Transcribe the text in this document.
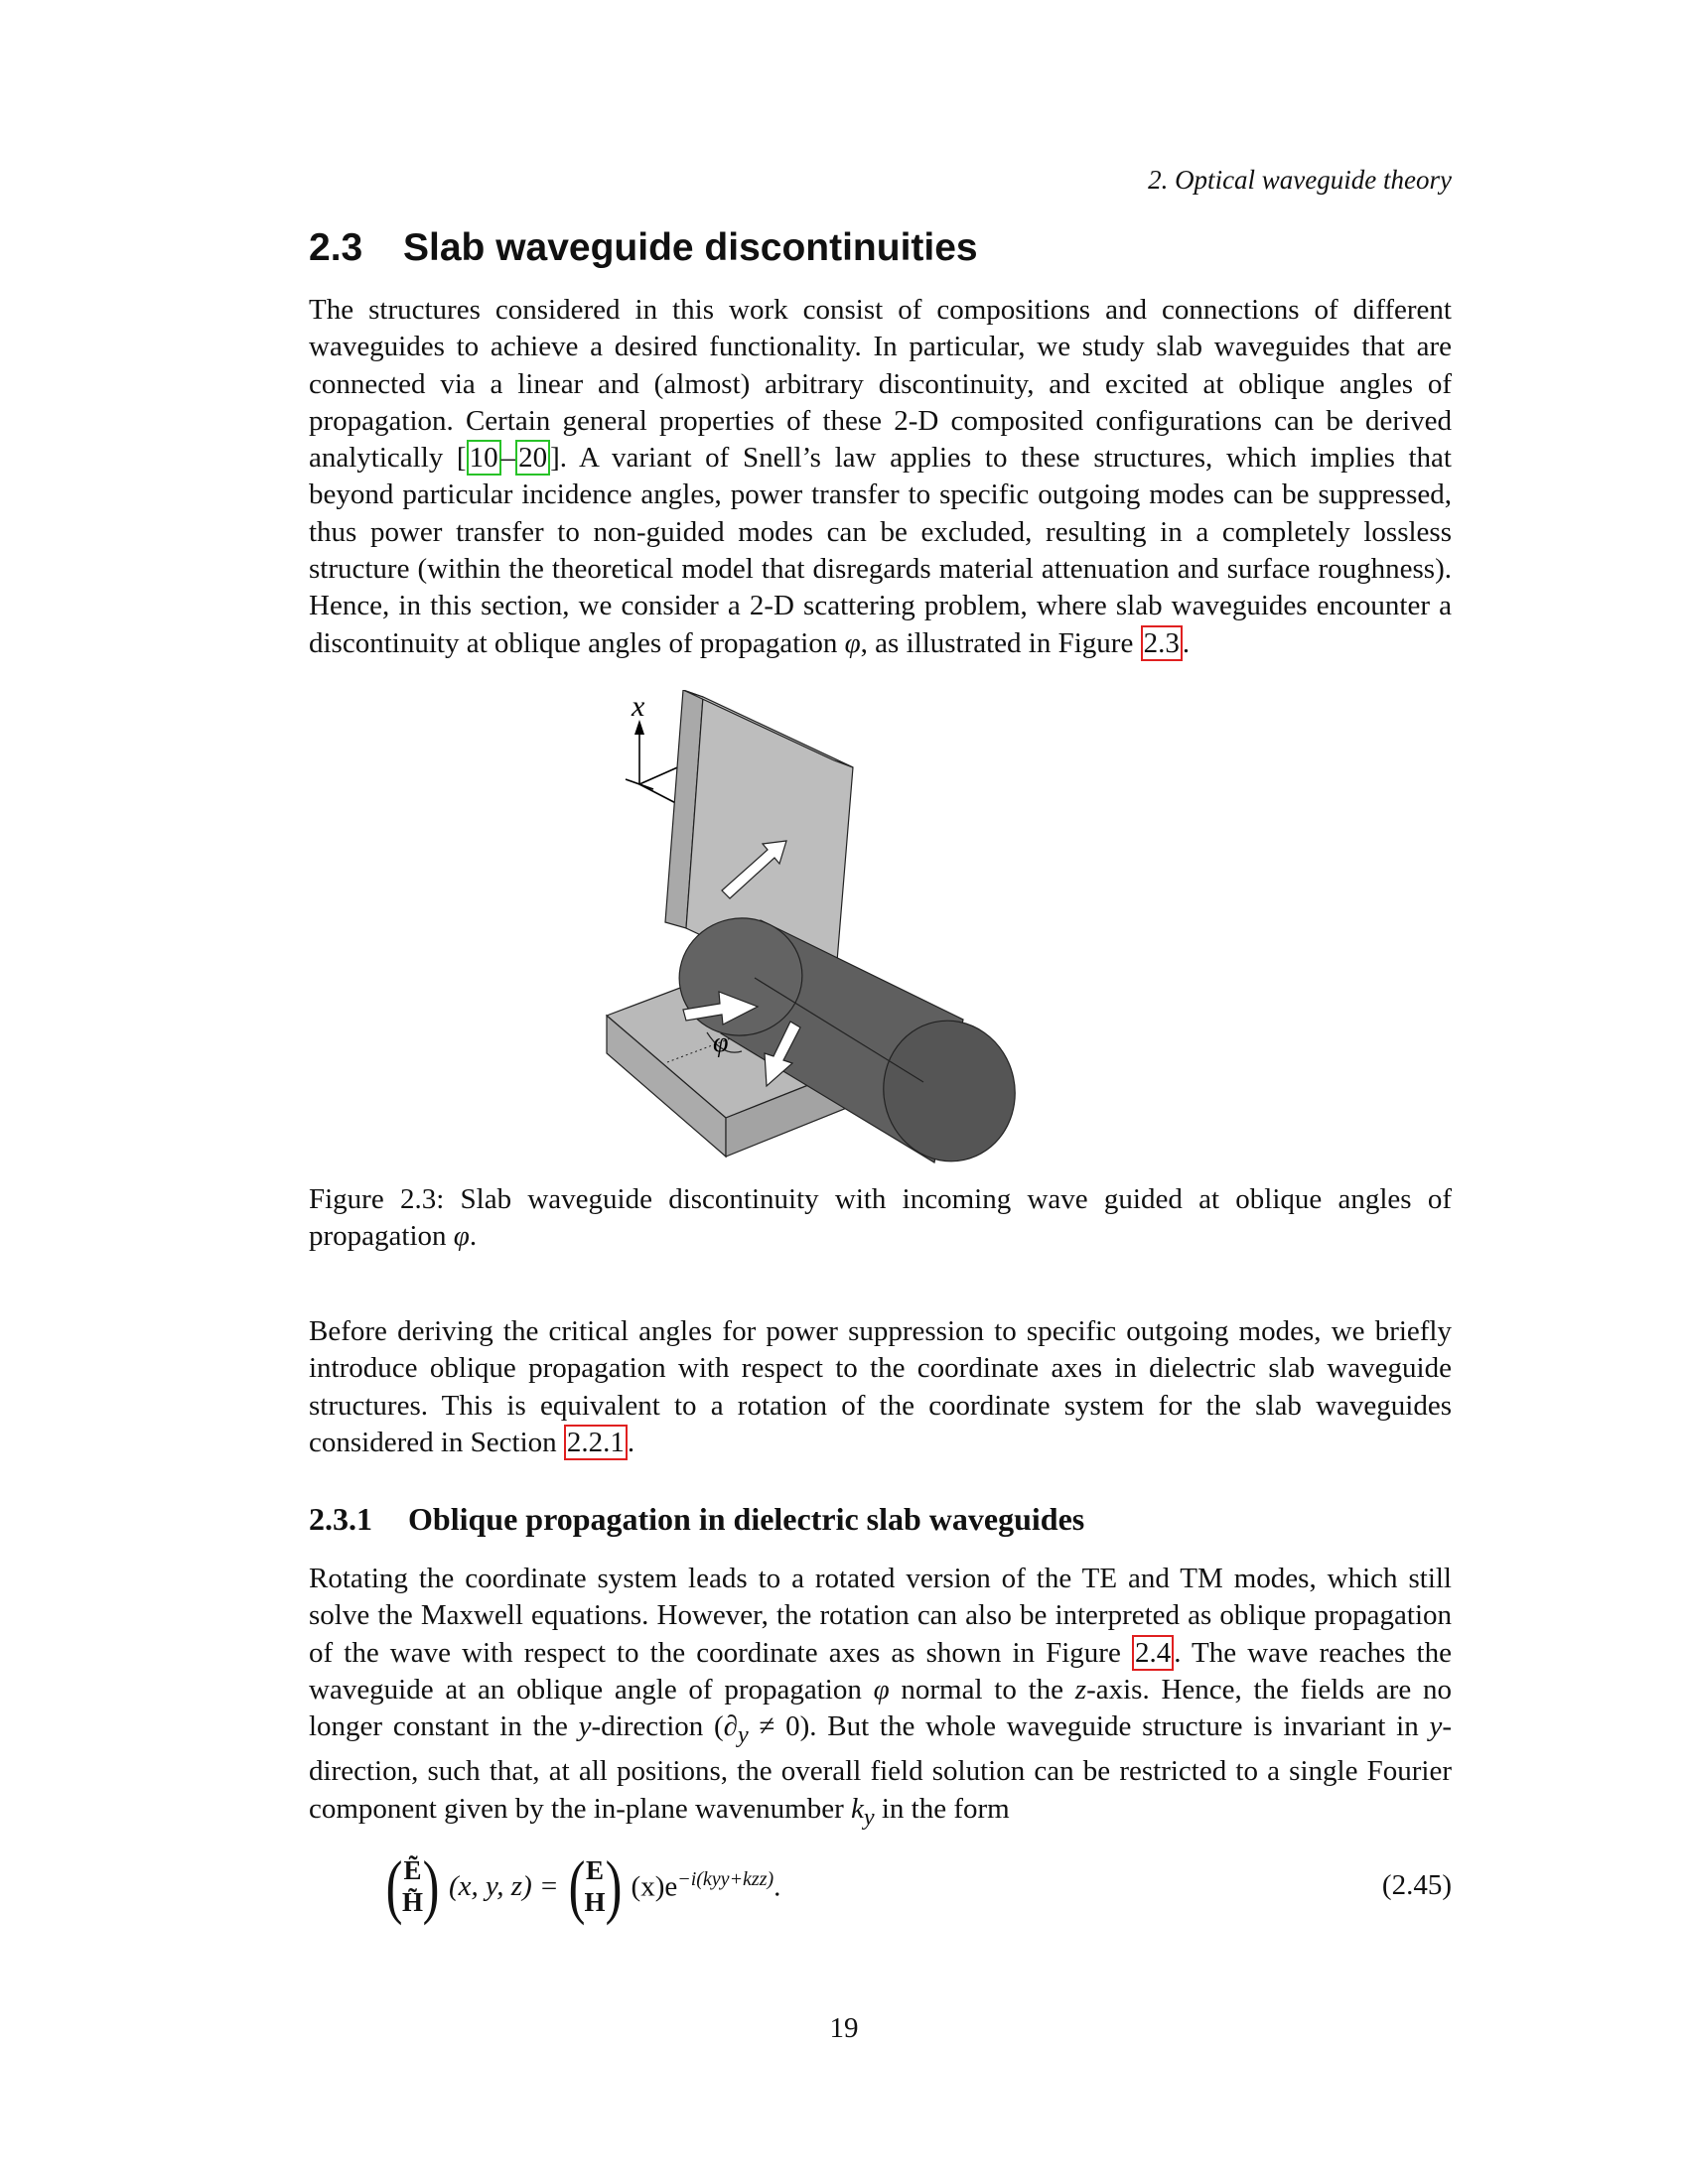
2. Optical waveguide theory
2.3 Slab waveguide discontinuities

The structures considered in this work consist of compositions and connections of different waveguides to achieve a desired functionality. In particular, we study slab waveguides that are connected via a linear and (almost) arbitrary discontinuity, and excited at oblique angles of propagation. Certain general properties of these 2-D composited configurations can be derived analytically [ 10 – 20 ]. A variant of Snell’s law applies to these structures, which implies that beyond particular incidence angles, power transfer to specific outgoing modes can be suppressed, thus power transfer to non-guided modes can be excluded, resulting in a completely lossless structure (within the theoretical model that disregards material attenuation and surface roughness). Hence, in this section, we consider a 2-D scattering problem, where slab waveguides encounter a discontinuity at oblique angles of propagation φ, as illustrated in Figure 2.3 .

x
φ

Figure 2.3: Slab waveguide discontinuity with incoming wave guided at oblique angles of propagation φ.

Before deriving the critical angles for power suppression to specific outgoing modes, we briefly introduce oblique propagation with respect to the coordinate axes in dielectric slab waveguide structures. This is equivalent to a rotation of the coordinate system for the slab waveguides considered in Section 2.2.1 .

2.3.1 Oblique propagation in dielectric slab waveguides

Rotating the coordinate system leads to a rotated version of the TE and TM modes, which still solve the Maxwell equations. However, the rotation can also be interpreted as oblique propagation of the wave with respect to the coordinate axes as shown in Figure 2.4 . The wave reaches the waveguide at an oblique angle of propagation φ normal to the z-axis. Hence, the fields are no longer constant in the y-direction $(\partial_y \ne 0)$. But the whole waveguide structure is invariant in y-direction, such that, at all positions, the overall field solution can be restricted to a single Fourier component given by the in-plane wavenumber $k_y$ in the form

( Ẽ
H̃ ) (x, y, z) = ( E
H ) $(x)e^{-i(kyy+kzz)}$.	(2.45)
19
